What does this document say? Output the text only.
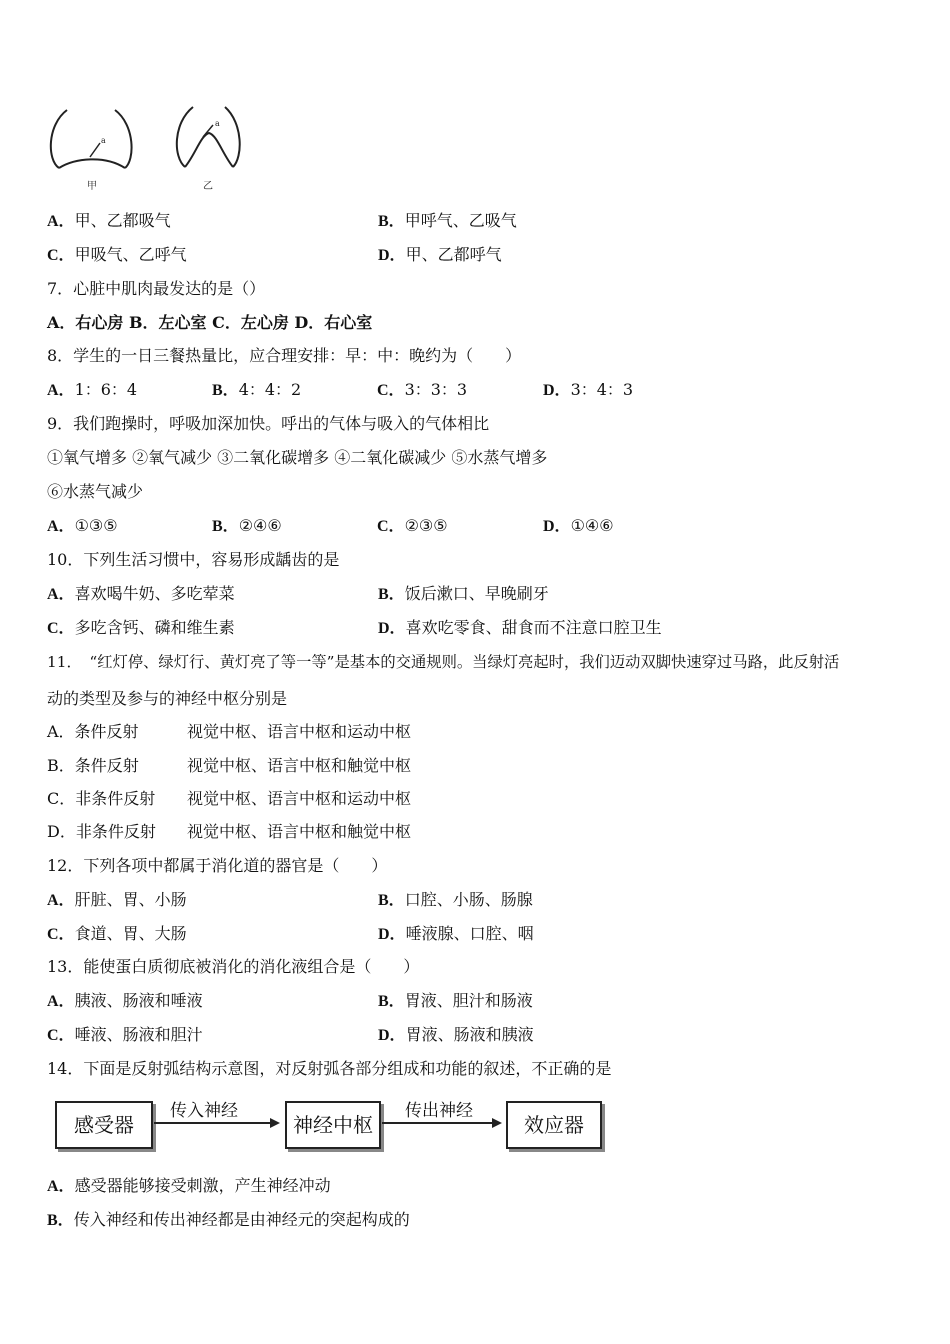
a
甲
a
乙
A．甲、乙都吸气	B．甲呼气、乙吸气
C．甲吸气、乙呼气	D．甲、乙都呼气
7．心脏中肌肉最发达的是（）
A．右心房 B．左心室 C．左心房 D．右心室
8．学生的一日三餐热量比，应合理安排：早：中：晚约为（　　）
A．1：6：4	B．4：4：2	C．3：3：3	D．3：4：3
9．我们跑操时，呼吸加深加快。呼出的气体与吸入的气体相比
①氧气增多 ②氧气减少 ③二氧化碳增多 ④二氧化碳减少 ⑤水蒸气增多
⑥水蒸气减少
A．①③⑤	B．②④⑥	C．②③⑤	D．①④⑥
10．下列生活习惯中，容易形成龋齿的是
A．喜欢喝牛奶、多吃荤菜	B．饭后漱口、早晚刷牙
C．多吃含钙、磷和维生素	D．喜欢吃零食、甜食而不注意口腔卫生
11．　“红灯停、绿灯行、黄灯亮了等一等”是基本的交通规则。当绿灯亮起时，我们迈动双脚快速穿过马路，此反射活
动的类型及参与的神经中枢分别是
A．条件反射	视觉中枢、语言中枢和运动中枢
B．条件反射	视觉中枢、语言中枢和触觉中枢
C．非条件反射 视觉中枢、语言中枢和运动中枢
D．非条件反射 视觉中枢、语言中枢和触觉中枢
12．下列各项中都属于消化道的器官是（　　）
A．肝脏、胃、小肠	B．口腔、小肠、肠腺
C．食道、胃、大肠	D．唾液腺、口腔、咽
13．能使蛋白质彻底被消化的消化液组合是（　　）
A．胰液、肠液和唾液	B．胃液、胆汁和肠液
C．唾液、肠液和胆汁	D．胃液、肠液和胰液
14．下面是反射弧结构示意图，对反射弧各部分组成和功能的叙述，不正确的是
感受器
传入神经
神经中枢
传出神经
效应器
A．感受器能够接受刺激，产生神经冲动
B．传入神经和传出神经都是由神经元的突起构成的
